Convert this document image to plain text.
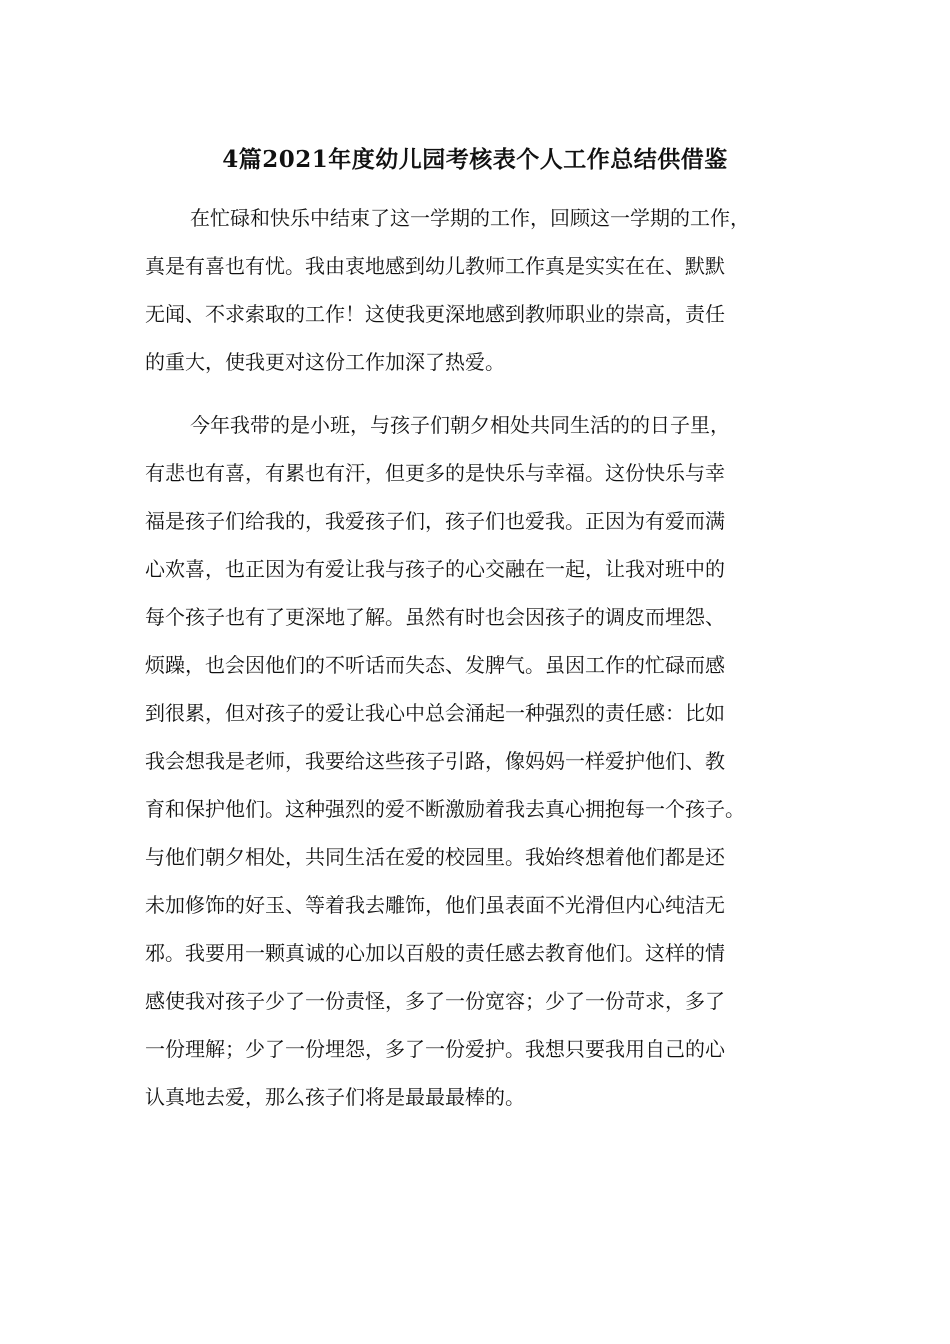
4篇2021年度幼儿园考核表个人工作总结供借鉴

在忙碌和快乐中结束了这一学期的工作，回顾这一学期的工作，

真是有喜也有忧。我由衷地感到幼儿教师工作真是实实在在、默默

无闻、不求索取的工作！这使我更深地感到教师职业的崇高，责任

的重大，使我更对这份工作加深了热爱。

今年我带的是小班，与孩子们朝夕相处共同生活的的日子里，

有悲也有喜，有累也有汗，但更多的是快乐与幸福。这份快乐与幸

福是孩子们给我的，我爱孩子们，孩子们也爱我。正因为有爱而满

心欢喜，也正因为有爱让我与孩子的心交融在一起，让我对班中的

每个孩子也有了更深地了解。虽然有时也会因孩子的调皮而埋怨、

烦躁，也会因他们的不听话而失态、发脾气。虽因工作的忙碌而感

到很累，但对孩子的爱让我心中总会涌起一种强烈的责任感：比如

我会想我是老师，我要给这些孩子引路，像妈妈一样爱护他们、教

育和保护他们。这种强烈的爱不断激励着我去真心拥抱每一个孩子。

与他们朝夕相处，共同生活在爱的校园里。我始终想着他们都是还

未加修饰的好玉、等着我去雕饰，他们虽表面不光滑但内心纯洁无

邪。我要用一颗真诚的心加以百般的责任感去教育他们。这样的情

感使我对孩子少了一份责怪，多了一份宽容；少了一份苛求，多了

一份理解；少了一份埋怨，多了一份爱护。我想只要我用自己的心

认真地去爱，那么孩子们将是最最最棒的。
